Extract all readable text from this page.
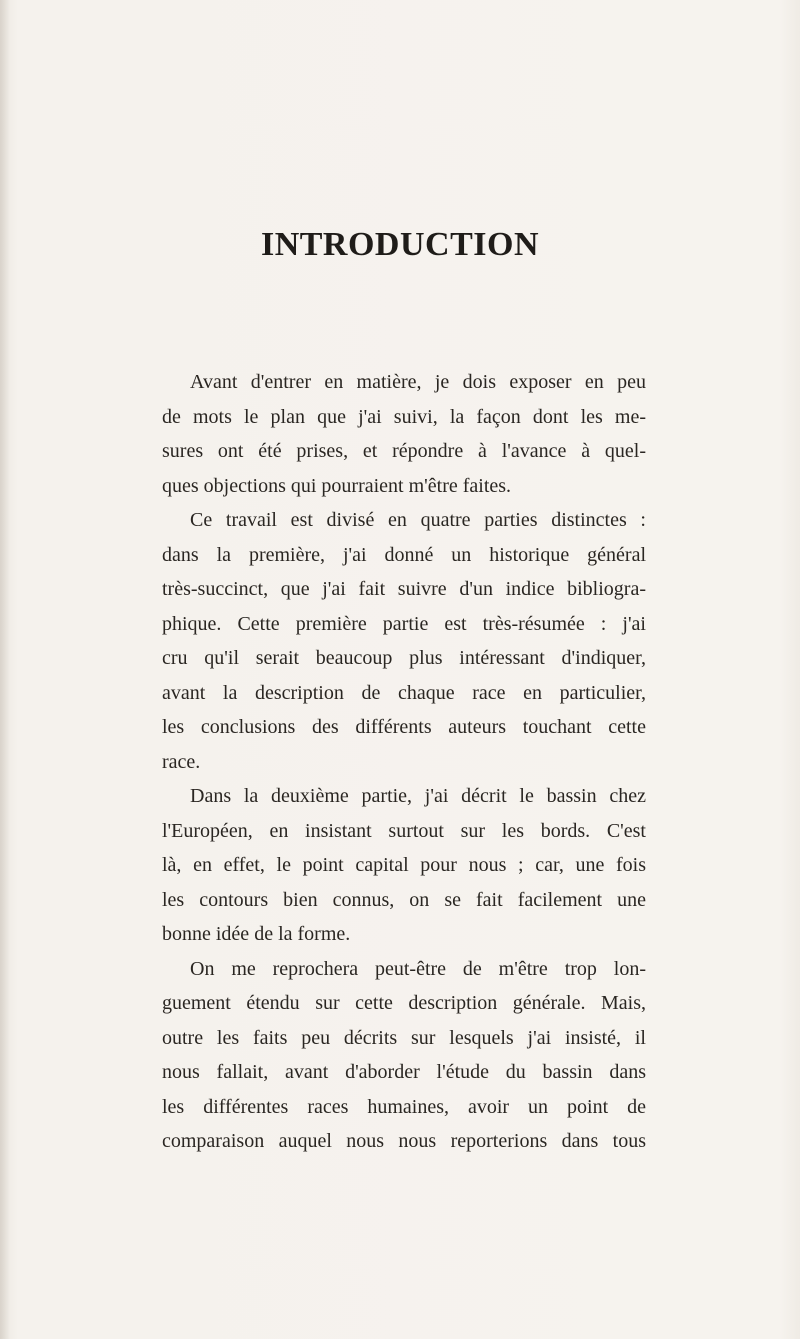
INTRODUCTION
Avant d'entrer en matière, je dois exposer en peu
de mots le plan que j'ai suivi, la façon dont les me-
sures ont été prises, et répondre à l'avance à quel-
ques objections qui pourraient m'être faites.
Ce travail est divisé en quatre parties distinctes :
dans la première, j'ai donné un historique général
très-succinct, que j'ai fait suivre d'un indice bibliogra-
phique. Cette première partie est très-résumée : j'ai
cru qu'il serait beaucoup plus intéressant d'indiquer,
avant la description de chaque race en particulier,
les conclusions des différents auteurs touchant cette
race.
Dans la deuxième partie, j'ai décrit le bassin chez
l'Européen, en insistant surtout sur les bords. C'est
là, en effet, le point capital pour nous ; car, une fois
les contours bien connus, on se fait facilement une
bonne idée de la forme.
On me reprochera peut-être de m'être trop lon-
guement étendu sur cette description générale. Mais,
outre les faits peu décrits sur lesquels j'ai insisté, il
nous fallait, avant d'aborder l'étude du bassin dans
les différentes races humaines, avoir un point de
comparaison auquel nous nous reporterions dans tous
